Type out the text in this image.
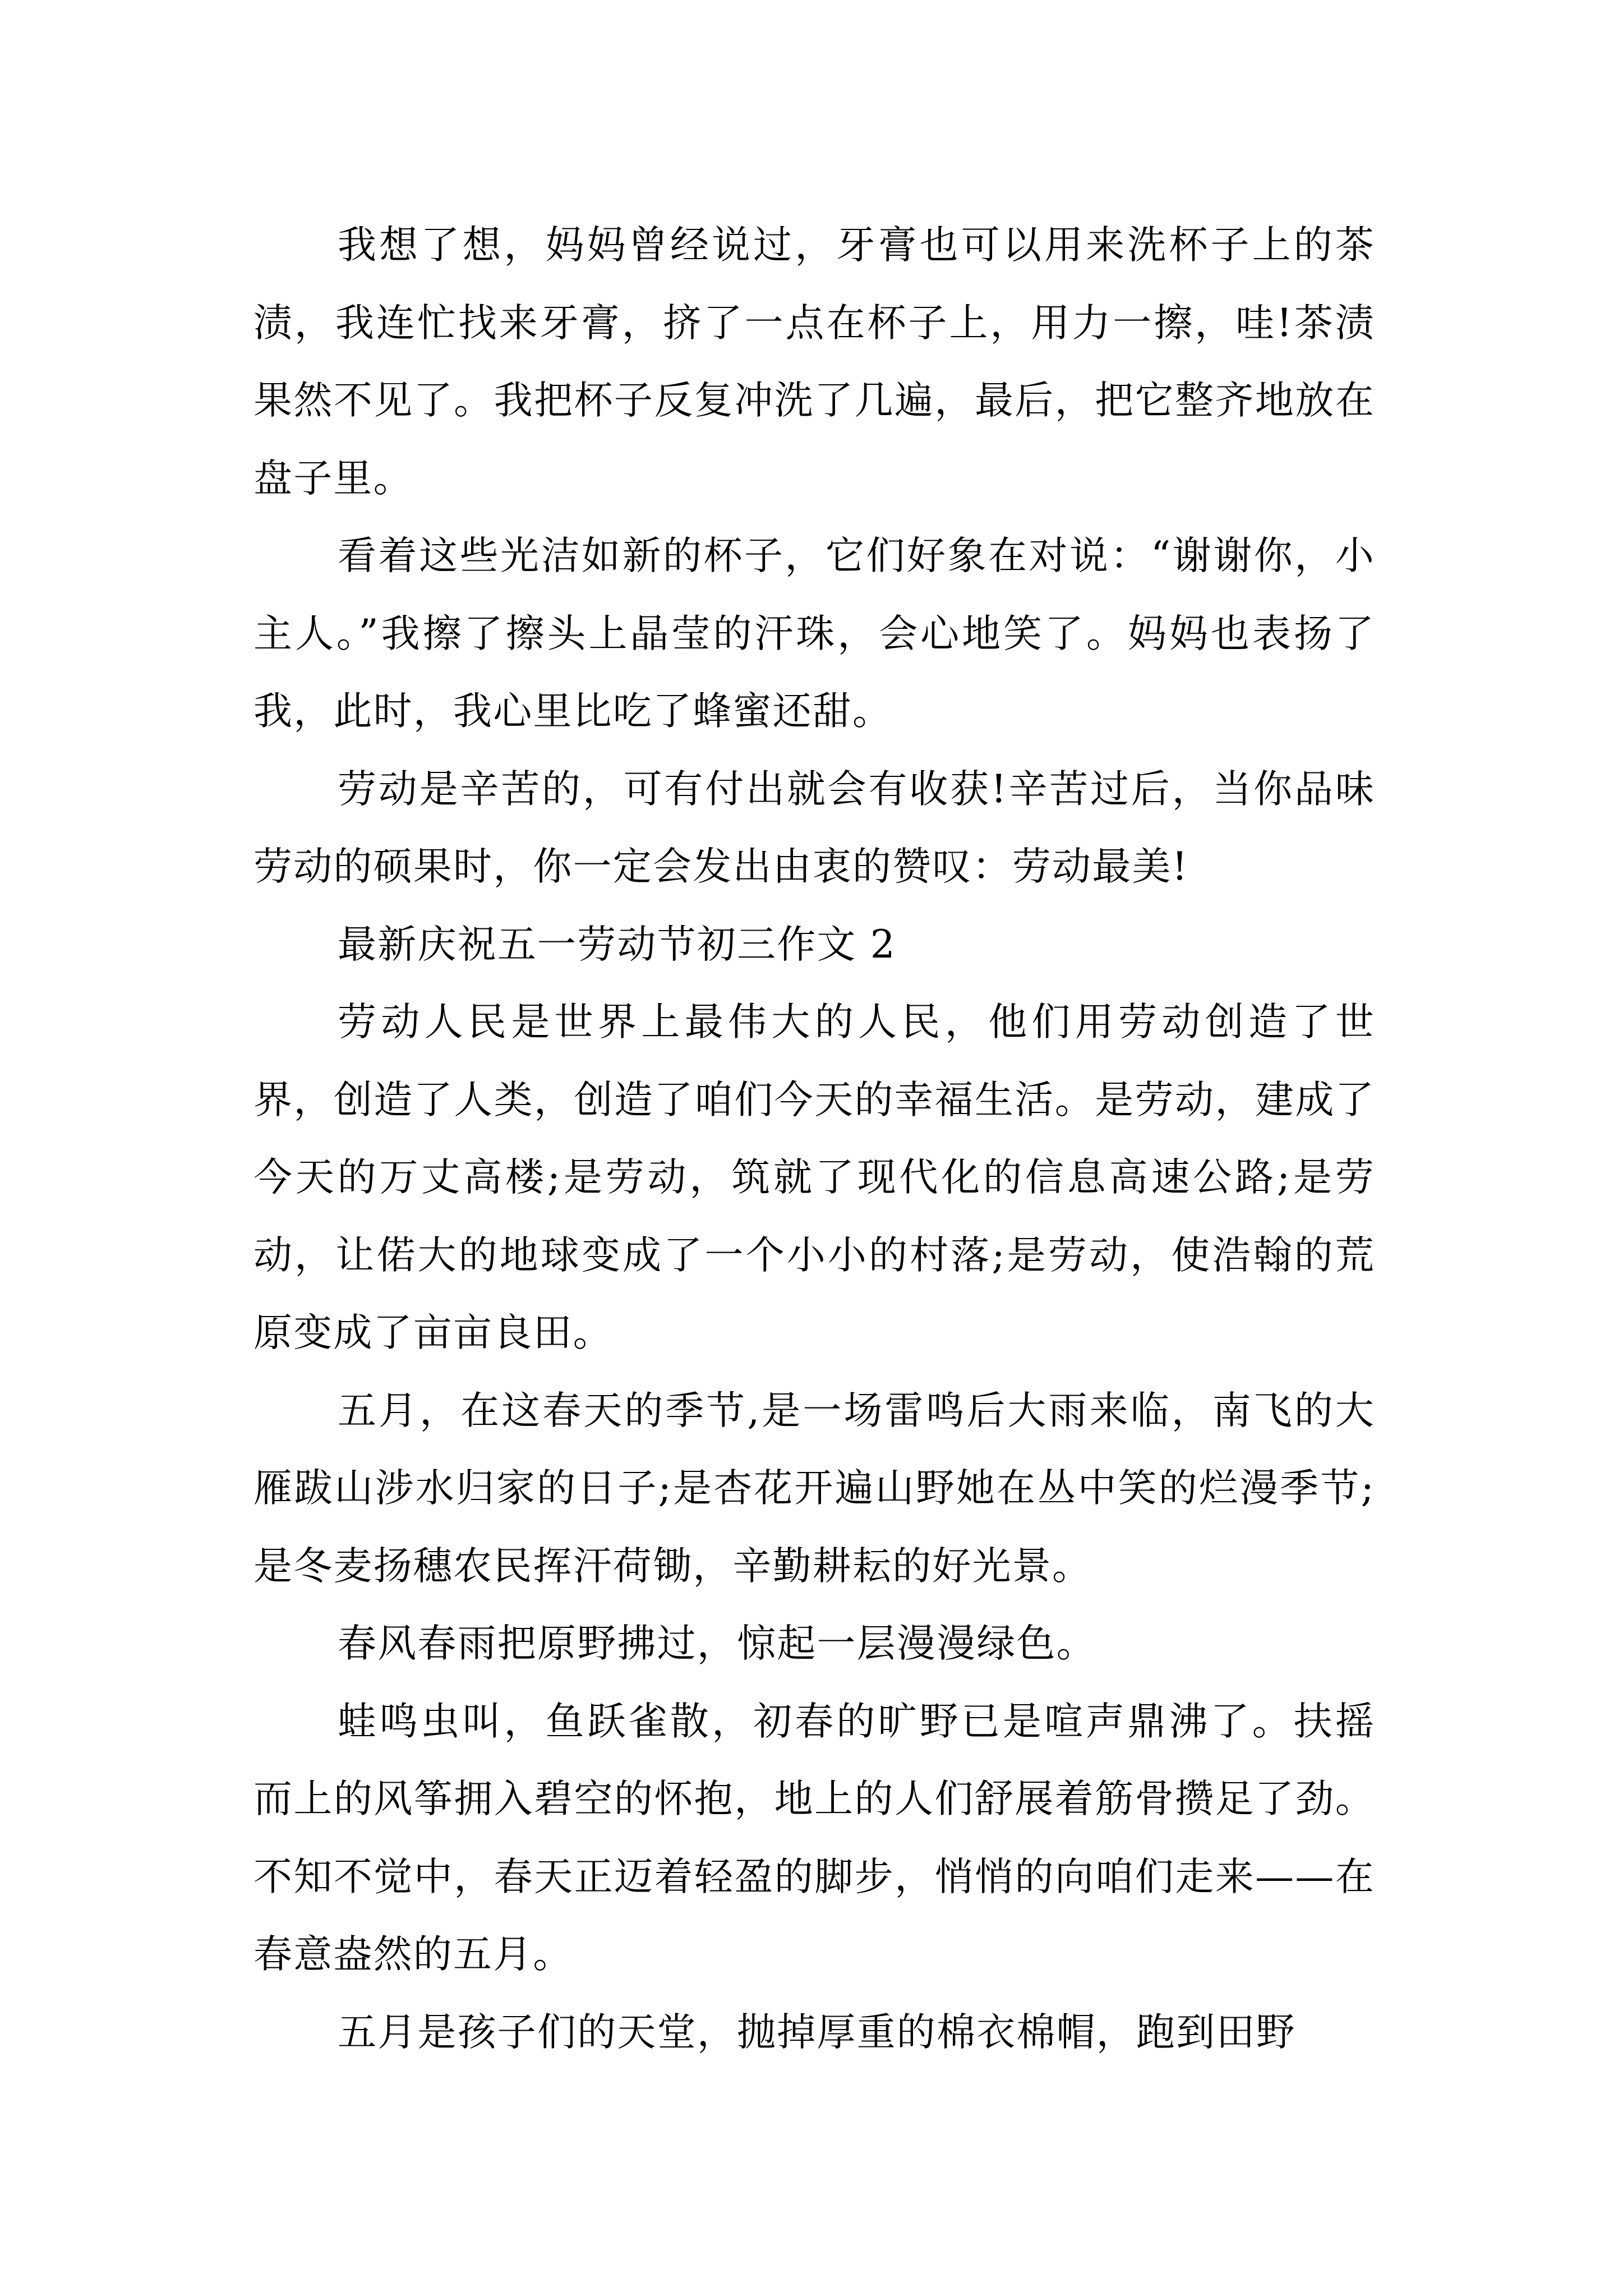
我想了想，妈妈曾经说过，牙膏也可以用来洗杯子上的茶渍，我连忙找来牙膏，挤了一点在杯子上，用力一擦，哇!茶渍果然不见了。我把杯子反复冲洗了几遍，最后，把它整齐地放在盘子里。

看着这些光洁如新的杯子，它们好象在对说：“谢谢你，小主人。”我擦了擦头上晶莹的汗珠，会心地笑了。妈妈也表扬了我，此时，我心里比吃了蜂蜜还甜。

劳动是辛苦的，可有付出就会有收获!辛苦过后，当你品味劳动的硕果时，你一定会发出由衷的赞叹：劳动最美!

最新庆祝五一劳动节初三作文 2

劳动人民是世界上最伟大的人民，他们用劳动创造了世界，创造了人类，创造了咱们今天的幸福生活。是劳动，建成了今天的万丈高楼;是劳动，筑就了现代化的信息高速公路;是劳动，让偌大的地球变成了一个小小的村落;是劳动，使浩翰的荒原变成了亩亩良田。

五月，在这春天的季节,是一场雷鸣后大雨来临，南飞的大雁跋山涉水归家的日子;是杏花开遍山野她在丛中笑的烂漫季节;是冬麦扬穗农民挥汗荷锄，辛勤耕耘的好光景。

春风春雨把原野拂过，惊起一层漫漫绿色。

蛙鸣虫叫，鱼跃雀散，初春的旷野已是喧声鼎沸了。扶摇而上的风筝拥入碧空的怀抱，地上的人们舒展着筋骨攒足了劲。不知不觉中，春天正迈着轻盈的脚步，悄悄的向咱们走来——在春意盎然的五月。

五月是孩子们的天堂，抛掉厚重的棉衣棉帽，跑到田野
